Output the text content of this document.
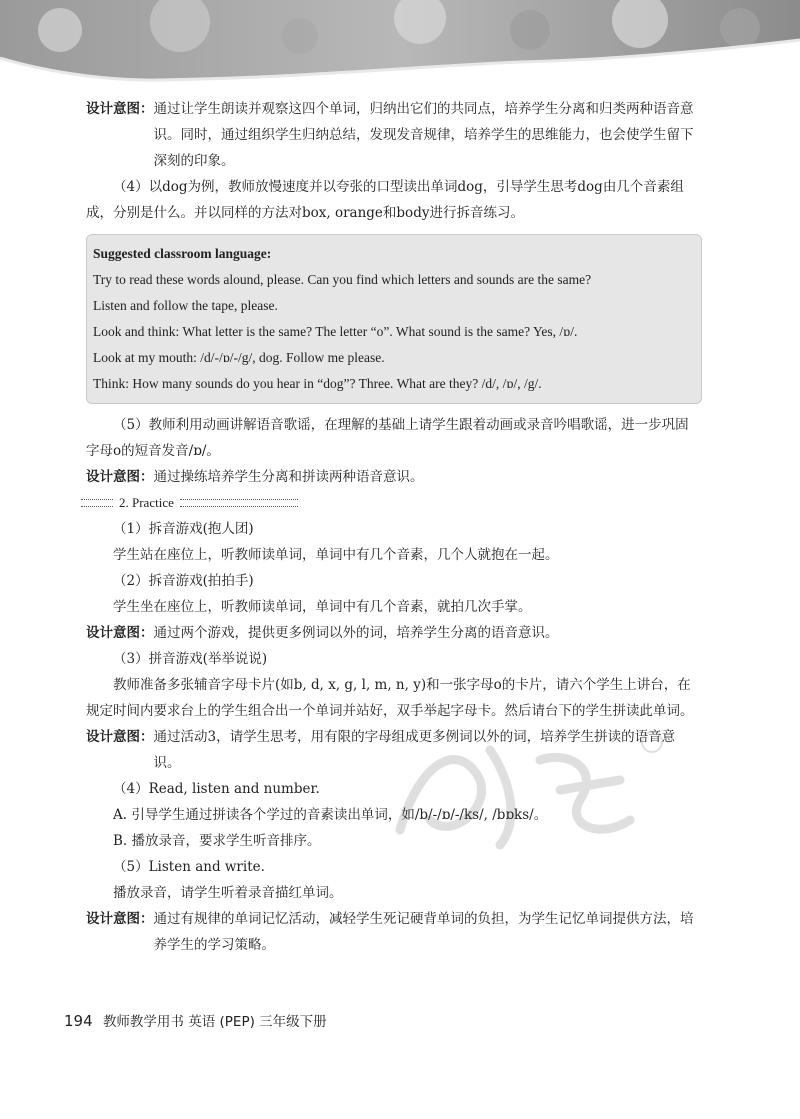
设计意图： 通过让学生朗读并观察这四个单词，归纳出它们的共同点，培养学生分离和归类两种语音意识。同时，通过组织学生归纳总结，发现发音规律，培养学生的思维能力，也会使学生留下深刻的印象。

（4）以dog为例，教师放慢速度并以夸张的口型读出单词dog，引导学生思考dog由几个音素组成，分别是什么。并以同样的方法对box, orange和body进行拆音练习。

Suggested classroom language:
Try to read these words alound, please. Can you find which letters and sounds are the same?
Listen and follow the tape, please.
Look and think: What letter is the same? The letter “o”. What sound is the same? Yes, /ɒ/.
Look at my mouth: /d/-/ɒ/-/g/, dog. Follow me please.
Think: How many sounds do you hear in “dog”? Three. What are they? /d/, /ɒ/, /g/.

（5）教师利用动画讲解语音歌谣，在理解的基础上请学生跟着动画或录音吟唱歌谣，进一步巩固字母o的短音发音/ɒ/。

设计意图： 通过操练培养学生分离和拼读两种语音意识。
2. Practice

（1）拆音游戏(抱人团)

学生站在座位上，听教师读单词，单词中有几个音素，几个人就抱在一起。

（2）拆音游戏(拍拍手)

学生坐在座位上，听教师读单词，单词中有几个音素，就拍几次手掌。

设计意图： 通过两个游戏，提供更多例词以外的词，培养学生分离的语音意识。

（3）拼音游戏(举举说说)

教师准备多张辅音字母卡片(如b, d, x, g, l, m, n, y)和一张字母o的卡片，请六个学生上讲台，在规定时间内要求台上的学生组合出一个单词并站好，双手举起字母卡。然后请台下的学生拼读此单词。

设计意图： 通过活动3，请学生思考，用有限的字母组成更多例词以外的词，培养学生拼读的语音意识。

（4）Read, listen and number.

A. 引导学生通过拼读各个学过的音素读出单词，如/b/-/ɒ/-/ks/, /bɒks/。

B. 播放录音，要求学生听音排序。

（5）Listen and write.

播放录音，请学生听着录音描红单词。

设计意图： 通过有规律的单词记忆活动，减轻学生死记硬背单词的负担，为学生记忆单词提供方法，培养学生的学习策略。
194 教师教学用书 英语 (PEP) 三年级下册
